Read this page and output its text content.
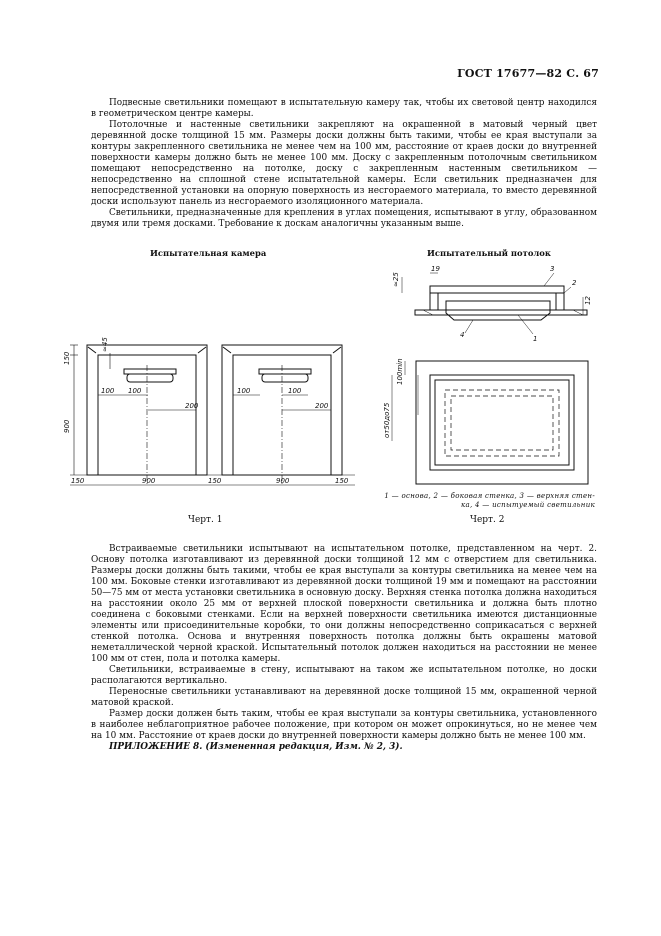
ГОСТ 17677—82 С. 67

Подвесные светильники помещают в испытательную камеру так, чтобы их световой центр находился в геометрическом центре камеры.

Потолочные и настенные светильники закрепляют на окрашенной в матовый черный цвет деревянной доске толщиной 15 мм. Размеры доски должны быть такими, чтобы ее края выступали за контуры закрепленного светильника не менее чем на 100 мм, расстояние от краев доски до внутренней поверхности камеры должно быть не менее 100 мм. Доску с закрепленным потолочным светильником помещают непосредственно на потолке, доску с закрепленным настенным светильником — непосредственно на сплошной стене испытательной камеры. Если светильник предназначен для непосредственной установки на опорную поверхность из несгораемого материала, то вместо деревянной доски используют панель из несгораемого изоляционного материала.

Светильники, предназначенные для крепления в углах помещения, испытывают в углу, образованном двумя или тремя досками. Требование к доскам аналогичны указанным выше.

Испытательная камера	Испытательный потолок
150
900
≈45
100 100
200
100	100
200
150	900	150	900	150
Черт. 1
≈25
19
12
100min
от50до75
3
2
1
4
1 — основа, 2 — боковая стенка, 3 — верхняя стен-
ка, 4 — испытуемый светильник
Черт. 2

Встраиваемые светильники испытывают на испытательном потолке, представленном на черт. 2. Основу потолка изготавливают из деревянной доски толщиной 12 мм с отверстием для светильника. Размеры доски должны быть такими, чтобы ее края выступали за контуры светильника на менее чем на 100 мм. Боковые стенки изготавливают из деревянной доски толщиной 19 мм и помещают на расстоянии 50—75 мм от места установки светильника в основную доску. Верхняя стенка потолка должна находиться на расстоянии около 25 мм от верхней плоской поверхности светильника и должна быть плотно соединена с боковыми стенками. Если на верхней поверхности светильника имеются дистанционные элементы или присоединительные коробки, то они должны непосредственно соприкасаться с верхней стенкой потолка. Основа и внутренняя поверхность потолка должны быть окрашены матовой неметаллической черной краской. Испытательный потолок должен находиться на расстоянии не менее 100 мм от стен, пола и потолка камеры.

Светильники, встраиваемые в стену, испытывают на таком же испытательном потолке, но доски располагаются вертикально.

Переносные светильники устанавливают на деревянной доске толщиной 15 мм, окрашенной черной матовой краской.

Размер доски должен быть таким, чтобы ее края выступали за контуры светильника, установленного в наиболее неблагоприятное рабочее положение, при котором он может опрокинуться, но не менее чем на 10 мм. Расстояние от краев доски до внутренней поверхности камеры должно быть не менее 100 мм.

ПРИЛОЖЕНИЕ 8. (Измененная редакция, Изм. № 2, 3).
